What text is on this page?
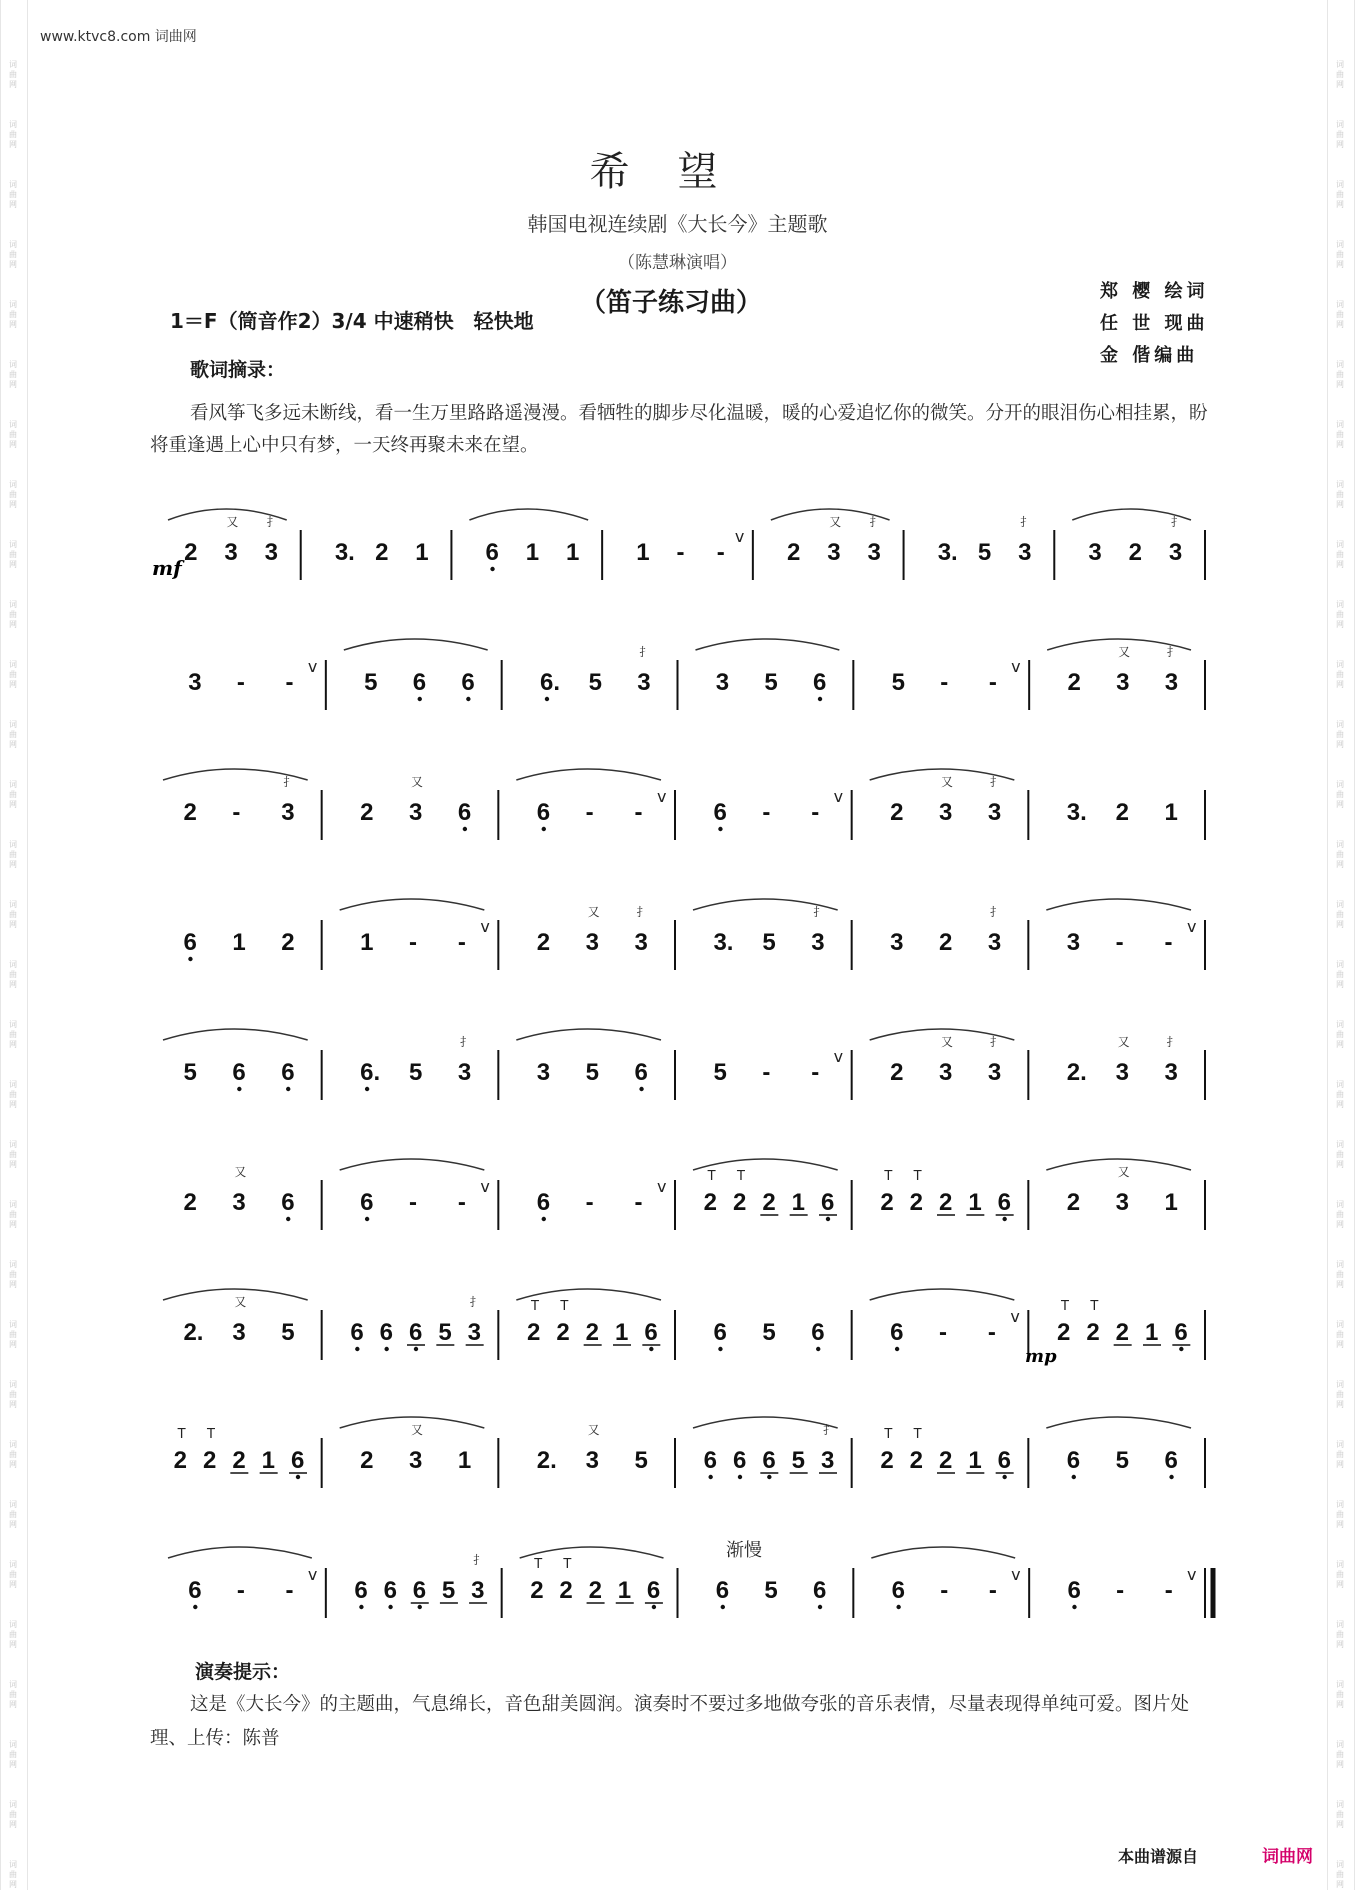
词
曲
网
词
曲
网
词
曲
网
词
曲
网
词
曲
网
词
曲
网
词
曲
网
词
曲
网
词
曲
网
词
曲
网
词
曲
网
词
曲
网
词
曲
网
词
曲
网
词
曲
网
词
曲
网
词
曲
网
词
曲
网
词
曲
网
词
曲
网
词
曲
网
词
曲
网
词
曲
网
词
曲
网
词
曲
网
词
曲
网
词
曲
网
词
曲
网
词
曲
网
词
曲
网
词
曲
网
词
曲
网
词
曲
网
词
曲
网
词
曲
网
词
曲
网
词
曲
网
词
曲
网
词
曲
网
词
曲
网
词
曲
网
词
曲
网
词
曲
网
词
曲
网
词
曲
网
词
曲
网
词
曲
网
词
曲
网
词
曲
网
词
曲
网
词
曲
网
词
曲
网
词
曲
网
词
曲
网
词
曲
网
词
曲
网
词
曲
网
词
曲
网
词
曲
网
词
曲
网
词
曲
网
词
曲
网
www.ktvc8.com 词曲网
希望
韩国电视连续剧《大长今》主题歌
（陈慧琳演唱）
（笛子练习曲）
1＝F（筒音作2）3/4 中速稍快　轻快地
郑 樱 绘词
任 世 现曲
金 偕编曲
歌词摘录：
看风筝飞多远未断线，看一生万里路路遥漫漫。看牺牲的脚步尽化温暖，暖的心爱追忆你的微笑。分开的眼泪伤心相挂累，盼将重逢遇上心中只有梦，一天终再聚未来在望。
2 3
又
3
扌
3. 2 1 6 1 1 1 - -
v
2 3
又
3
扌
3. 5 3
扌
3 2 3
扌
3 - -
v
5 6 6	6. 5 3
扌
3 5 6	5 - -
v
2 3
又
3
扌
2 - 3
扌
2 3
又
6	6 - -
v
6 - -
v
2 3
又
3
扌
3. 2 1
6 1 2	1 - -
v
2 3
又
3
扌
3. 5 3
扌
3 2 3
扌
3 - -
v
5 6 6	6. 5 3
扌
3 5 6	5 - -
v
2 3
又
3
扌
2. 3
又
3
扌
2 3
又
6	6 - -
v
6 - -
v
2
T
2
T
2 1 6 2
T
2
T
2 1 6 2 3
又
1
2. 3
又
5 6 6 6 5 3
扌
2
T
2
T
2 1 6 6 5 6	6 - -
v
2
T
2
T
2 1 6
2
T
2
T
2 1 6 2 3
又
1	2. 3
又
5 6 6 6 5 3
扌
2
T
2
T
2 1 6 6 5 6
6 - -
v
6 6 6 5 3
扌
2
T
2
T
2 1 6 6 5 6	6 - -
v
6 - -
v
mf
mp
渐慢
演奏提示：
这是《大长今》的主题曲，气息绵长，音色甜美圆润。演奏时不要过多地做夸张的音乐表情，尽量表现得单纯可爱。图片处理、上传：陈普
本曲谱源自	词曲网
